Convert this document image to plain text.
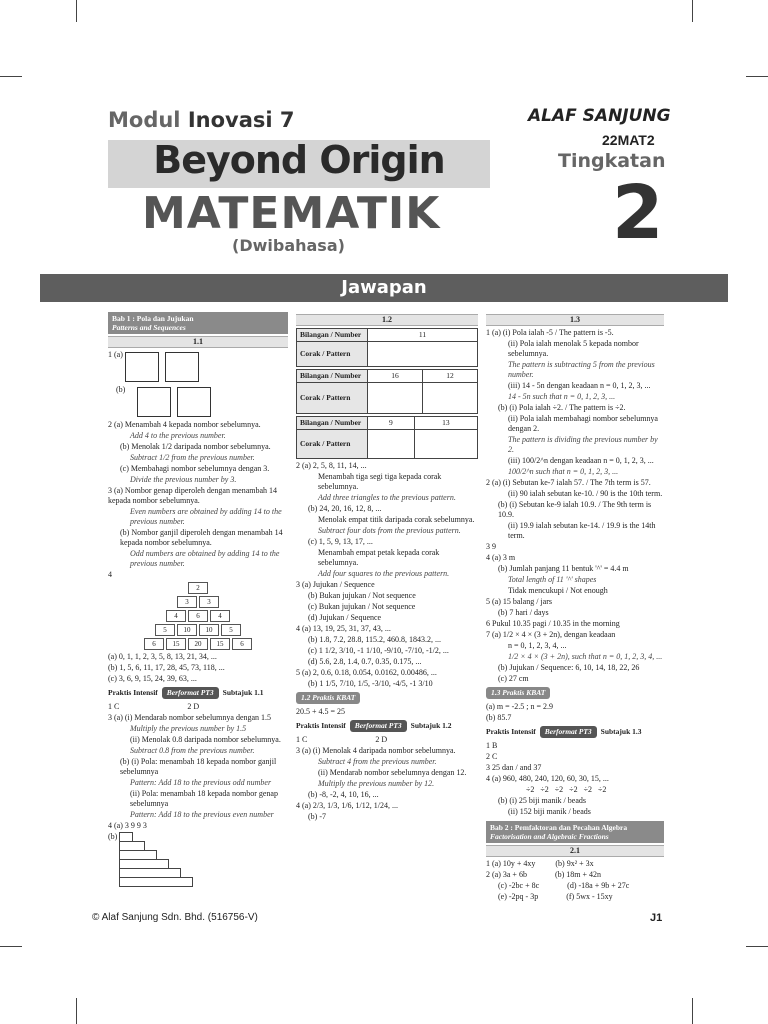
Modul Inovasi 7
Beyond Origin
MATEMATIK
(Dwibahasa)
ALAF SANJUNG
22MAT2
Tingkatan
2
Jawapan
Bab 1 : Pola dan Jujukan
Patterns and Sequences
1.1
1 (a)
(b)
2 (a) Menambah 4 kepada nombor sebelumnya.
Add 4 to the previous number.
(b) Menolak 1/2 daripada nombor sebelumnya.
Subtract 1/2 from the previous number.
(c) Membahagi nombor sebelumnya dengan 3.
Divide the previous number by 3.
3 (a) Nombor genap diperoleh dengan menambah 14 kepada nombor sebelumnya.
Even numbers are obtained by adding 14 to the previous number.
(b) Nombor ganjil diperoleh dengan menambah 14 kepada nombor sebelumnya.
Odd numbers are obtained by adding 14 to the previous number.
4
2
3	3
4	6	4
5 10 10 5
6 15 20 15 6
(a) 0, 1, 1, 2, 3, 5, 8, 13, 21, 34, ...
(b) 1, 5, 6, 11, 17, 28, 45, 73, 118, ...
(c) 3, 6, 9, 15, 24, 39, 63, ...
Praktis Intensif	Berformat PT3	Subtajuk 1.1
1 C                                  2 D
3 (a) (i) Mendarab nombor sebelumnya dengan 1.5
Multiply the previous number by 1.5
(ii) Menolak 0.8 daripada nombor sebelumnya.
Subtract 0.8 from the previous number.
(b) (i) Pola: menambah 18 kepada nombor ganjil sebelumnya
Pattern: Add 18 to the previous odd number
(ii) Pola: menambah 18 kepada nombor genap sebelumnya
Pattern: Add 18 to the previous even number
4 (a) 3 9 9 3
(b)
1.2
Bilangan / Number	11
Corak / Pattern	
Bilangan / Number	16	12
Corak / Pattern		
Bilangan / Number	9	13
Corak / Pattern		
2 (a) 2, 5, 8, 11, 14, ...
Menambah tiga segi tiga kepada corak sebelumnya.
Add three triangles to the previous pattern.
(b) 24, 20, 16, 12, 8, ...
Menolak empat titik daripada corak sebelumnya.
Subtract four dots from the previous pattern.
(c) 1, 5, 9, 13, 17, ...
Menambah empat petak kepada corak sebelumnya.
Add four squares to the previous pattern.
3 (a) Jujukan / Sequence
(b) Bukan jujukan / Not sequence
(c) Bukan jujukan / Not sequence
(d) Jujukan / Sequence
4 (a) 13, 19, 25, 31, 37, 43, ...
(b) 1.8, 7.2, 28.8, 115.2, 460.8, 1843.2, ...
(c) 1 1/2, 3/10, -1 1/10, -9/10, -7/10, -1/2, ...
(d) 5.6, 2.8, 1.4, 0.7, 0.35, 0.175, ...
5 (a) 2, 0.6, 0.18, 0.054, 0.0162, 0.00486, ...
(b) 1 1/5, 7/10, 1/5, -3/10, -4/5, -1 3/10
1.2 Praktis KBAT
20.5 + 4.5 = 25
Praktis Intensif	Berformat PT3	Subtajuk 1.2
1 C                                  2 D
3 (a) (i) Menolak 4 daripada nombor sebelumnya.
Subtract 4 from the previous number.
(ii) Mendarab nombor sebelumnya dengan 12.
Multiply the previous number by 12.
(b) -8, -2, 4, 10, 16, ...
4 (a) 2/3, 1/3, 1/6, 1/12, 1/24, ...
(b) -7
1.3
1 (a) (i) Pola ialah -5 / The pattern is -5.
(ii) Pola ialah menolak 5 kepada nombor sebelumnya.
The pattern is subtracting 5 from the previous number.
(iii) 14 - 5n dengan keadaan n = 0, 1, 2, 3, ...
14 - 5n such that n = 0, 1, 2, 3, ...
(b) (i) Pola ialah ÷2. / The pattern is ÷2.
(ii) Pola ialah membahagi nombor sebelumnya dengan 2.
The pattern is dividing the previous number by 2.
(iii) 100/2^n dengan keadaan n = 0, 1, 2, 3, ...
100/2^n such that n = 0, 1, 2, 3, ...
2 (a) (i) Sebutan ke-7 ialah 57. / The 7th term is 57.
(ii) 90 ialah sebutan ke-10. / 90 is the 10th term.
(b) (i) Sebutan ke-9 ialah 10.9. / The 9th term is 10.9.
(ii) 19.9 ialah sebutan ke-14. / 19.9 is the 14th term.
3 9
4 (a) 3 m
(b) Jumlah panjang 11 bentuk '^' = 4.4 m
Total length of 11 '^' shapes
Tidak mencukupi / Not enough
5 (a) 15 balang / jars
(b) 7 hari / days
6 Pukul 10.35 pagi / 10.35 in the morning
7 (a) 1/2 × 4 × (3 + 2n), dengan keadaan
n = 0, 1, 2, 3, 4, ...
1/2 × 4 × (3 + 2n), such that n = 0, 1, 2, 3, 4, ...
(b) Jujukan / Sequence: 6, 10, 14, 18, 22, 26
(c) 27 cm
1.3 Praktis KBAT
(a) m = -2.5 ; n = 2.9
(b) 85.7
Praktis Intensif	Berformat PT3	Subtajuk 1.3
1 B
2 C
3 25 dan / and 37
4 (a) 960, 480, 240, 120, 60, 30, 15, ...
÷2   ÷2   ÷2   ÷2   ÷2   ÷2
(b) (i) 25 biji manik / beads
(ii) 152 biji manik / beads
Bab 2 : Pemfaktoran dan Pecahan Algebra
Factorisation and Algebraic Fractions
2.1
1 (a) 10y + 4xy          (b) 9x² + 3x
2 (a) 3a + 6b              (b) 18m + 42n
(c) -2bc + 8c              (d) -18a + 9b + 27c
(e) -2pq - 3p              (f) 5wx - 15xy
© Alaf Sanjung Sdn. Bhd. (516756-V)	J1
